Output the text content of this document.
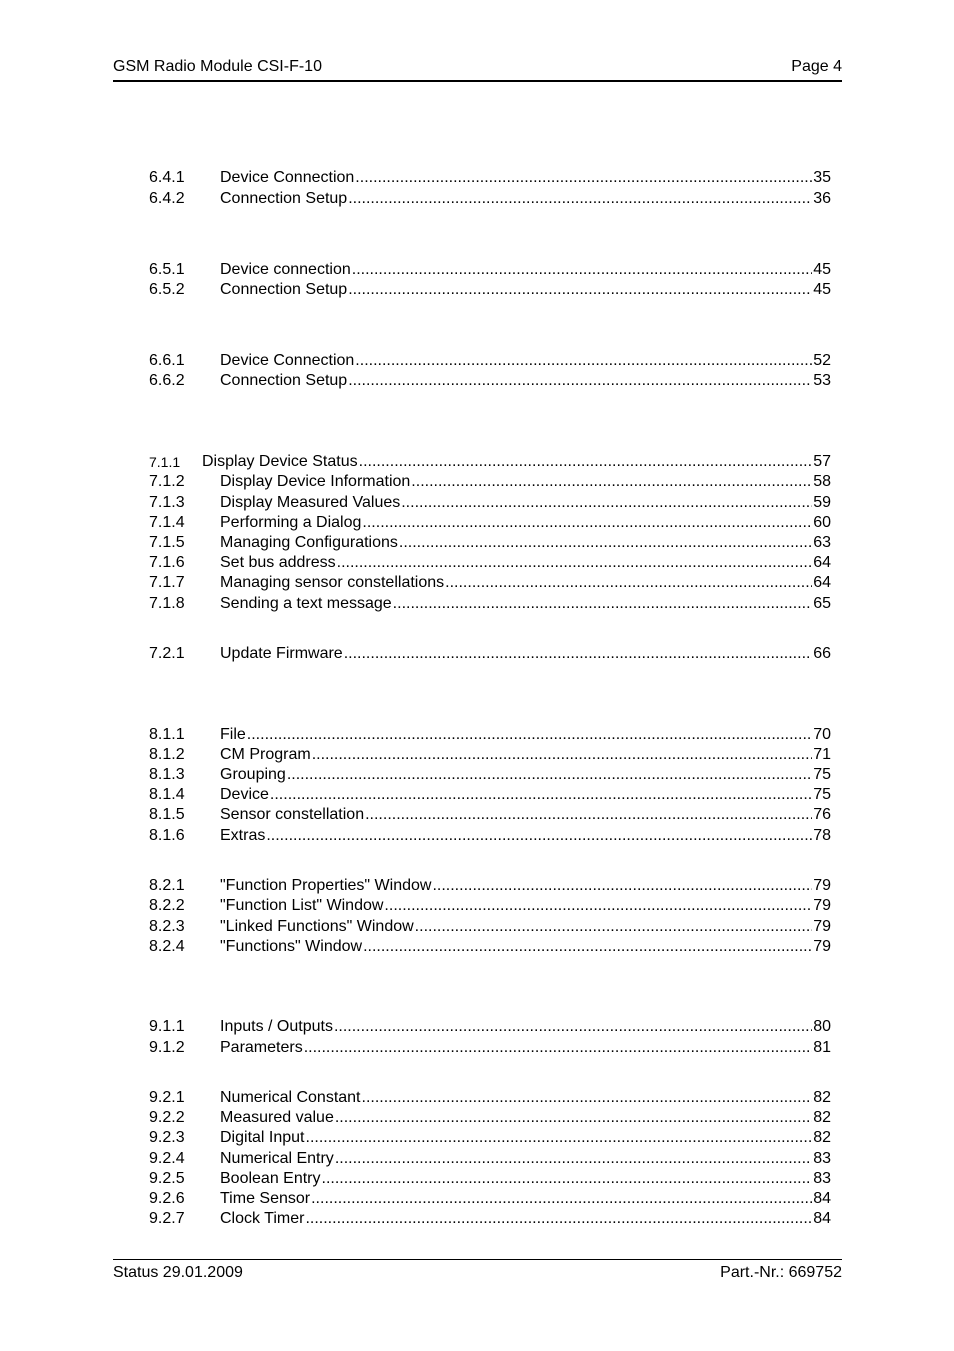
GSM Radio Module CSI-F-10	Page 4
6.4.1 Device Connection .....	35
6.4.2 Connection Setup .....	36
6.5.1 Device connection .....	45
6.5.2 Connection Setup .....	45
6.6.1 Device Connection .....	52
6.6.2 Connection Setup .....	53
7.1.1 Display Device Status .....	57
7.1.2 Display Device Information .....	58
7.1.3 Display Measured Values .....	59
7.1.4 Performing a Dialog .....	60
7.1.5 Managing Configurations .....	63
7.1.6 Set bus address .....	64
7.1.7 Managing sensor constellations .....	64
7.1.8 Sending a text message .....	65
7.2.1 Update Firmware .....	66
8.1.1 File .....	70
8.1.2 CM Program .....	71
8.1.3 Grouping .....	75
8.1.4 Device .....	75
8.1.5 Sensor constellation .....	76
8.1.6 Extras .....	78
8.2.1 "Function Properties" Window .....	79
8.2.2 "Function List" Window .....	79
8.2.3 "Linked Functions" Window .....	79
8.2.4 "Functions" Window .....	79
9.1.1 Inputs / Outputs .....	80
9.1.2 Parameters .....	81
9.2.1 Numerical Constant .....	82
9.2.2 Measured value .....	82
9.2.3 Digital Input .....	82
9.2.4 Numerical Entry .....	83
9.2.5 Boolean Entry .....	83
9.2.6 Time Sensor .....	84
9.2.7 Clock Timer .....	84
Status 29.01.2009	Part.-Nr.: 669752
